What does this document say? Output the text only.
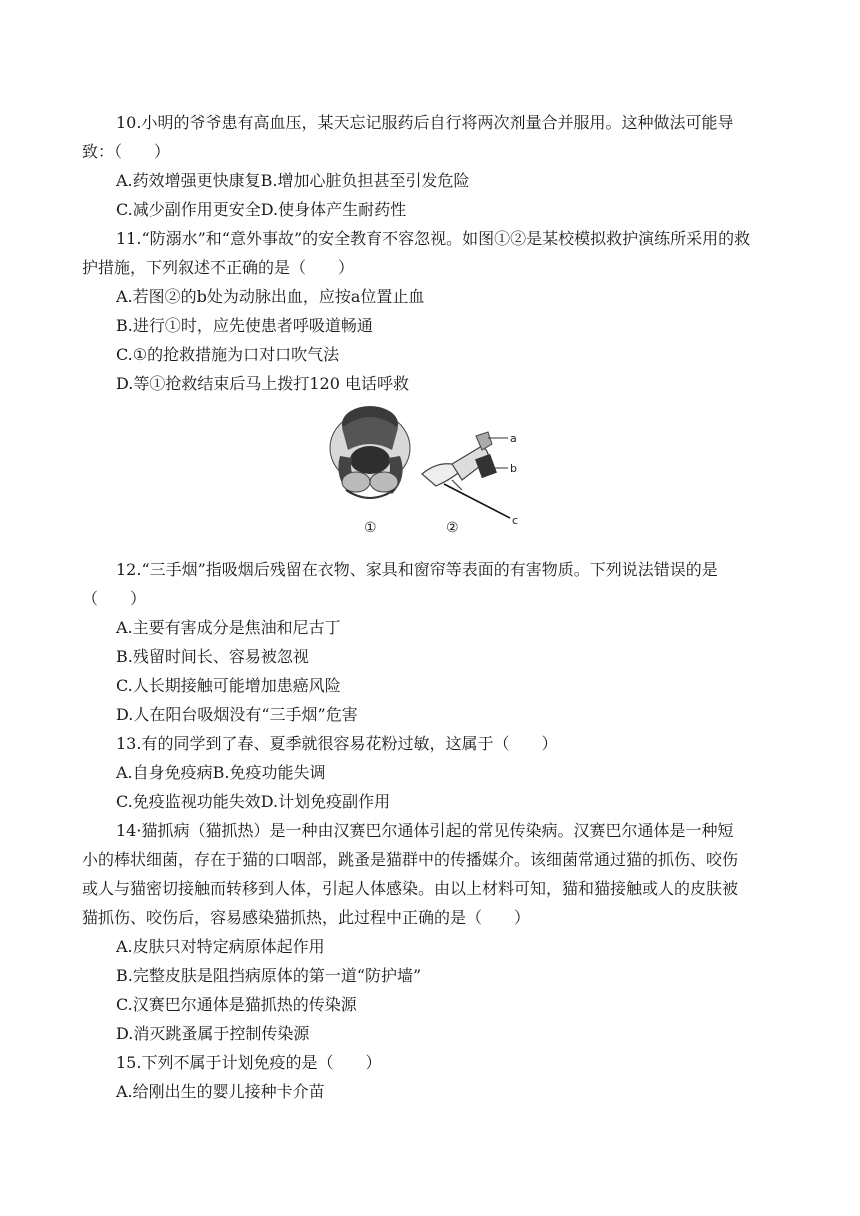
10.小明的爷爷患有高血压，某天忘记服药后自行将两次剂量合并服用。这种做法可能导
致：（　　）
A.药效增强更快康复B.增加心脏负担甚至引发危险
C.减少副作用更安全D.使身体产生耐药性
11.“防溺水”和“意外事故”的安全教育不容忽视。如图①②是某校模拟救护演练所采用的救
护措施，下列叙述不正确的是（　　）
A.若图②的b处为动脉出血，应按a位置止血
B.进行①时，应先使患者呼吸道畅通
C.①的抢救措施为口对口吹气法
D.等①抢救结束后马上拨打120 电话呼救
a
b
c
①	②
12.“三手烟”指吸烟后残留在衣物、家具和窗帘等表面的有害物质。下列说法错误的是
（　　）
A.主要有害成分是焦油和尼古丁
B.残留时间长、容易被忽视
C.人长期接触可能增加患癌风险
D.人在阳台吸烟没有“三手烟”危害
13.有的同学到了春、夏季就很容易花粉过敏，这属于（　　）
A.自身免疫病B.免疫功能失调
C.免疫监视功能失效D.计划免疫副作用
14·猫抓病（猫抓热）是一种由汉赛巴尔通体引起的常见传染病。汉赛巴尔通体是一种短
小的棒状细菌，存在于猫的口咽部，跳蚤是猫群中的传播媒介。该细菌常通过猫的抓伤、咬伤
或人与猫密切接触而转移到人体，引起人体感染。由以上材料可知，猫和猫接触或人的皮肤被
猫抓伤、咬伤后，容易感染猫抓热，此过程中正确的是（　　）
A.皮肤只对特定病原体起作用
B.完整皮肤是阻挡病原体的第一道“防护墙”
C.汉赛巴尔通体是猫抓热的传染源
D.消灭跳蚤属于控制传染源
15.下列不属于计划免疫的是（　　）
A.给刚出生的婴儿接种卡介苗
